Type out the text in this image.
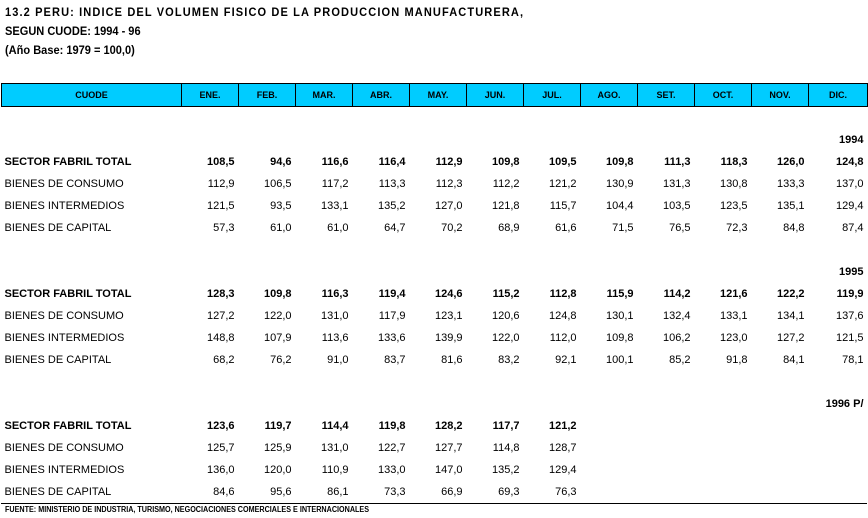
13.2 PERU: INDICE DEL VOLUMEN FISICO DE LA PRODUCCION MANUFACTURERA,
SEGUN CUODE: 1994 - 96
(Año Base: 1979 = 100,0)
CUODE	ENE.	FEB.	MAR.	ABR.	MAY.	JUN.	JUL.	AGO.	SET.	OCT.	NOV.	DIC.

1994												
SECTOR FABRIL TOTAL	108,5	94,6	116,6	116,4	112,9	109,8	109,5	109,8	111,3	118,3	126,0	124,8
BIENES DE CONSUMO	112,9	106,5	117,2	113,3	112,3	112,2	121,2	130,9	131,3	130,8	133,3	137,0
BIENES INTERMEDIOS	121,5	93,5	133,1	135,2	127,0	121,8	115,7	104,4	103,5	123,5	135,1	129,4
BIENES DE CAPITAL	57,3	61,0	61,0	64,7	70,2	68,9	61,6	71,5	76,5	72,3	84,8	87,4

1995												
SECTOR FABRIL TOTAL	128,3	109,8	116,3	119,4	124,6	115,2	112,8	115,9	114,2	121,6	122,2	119,9
BIENES DE CONSUMO	127,2	122,0	131,0	117,9	123,1	120,6	124,8	130,1	132,4	133,1	134,1	137,6
BIENES INTERMEDIOS	148,8	107,9	113,6	133,6	139,9	122,0	112,0	109,8	106,2	123,0	127,2	121,5
BIENES DE CAPITAL	68,2	76,2	91,0	83,7	81,6	83,2	92,1	100,1	85,2	91,8	84,1	78,1

1996 P/												
SECTOR FABRIL TOTAL	123,6	119,7	114,4	119,8	128,2	117,7	121,2					
BIENES DE CONSUMO	125,7	125,9	131,0	122,7	127,7	114,8	128,7					
BIENES INTERMEDIOS	136,0	120,0	110,9	133,0	147,0	135,2	129,4					
BIENES DE CAPITAL	84,6	95,6	86,1	73,3	66,9	69,3	76,3					
FUENTE: MINISTERIO DE INDUSTRIA, TURISMO, NEGOCIACIONES COMERCIALES E INTERNACIONALES
